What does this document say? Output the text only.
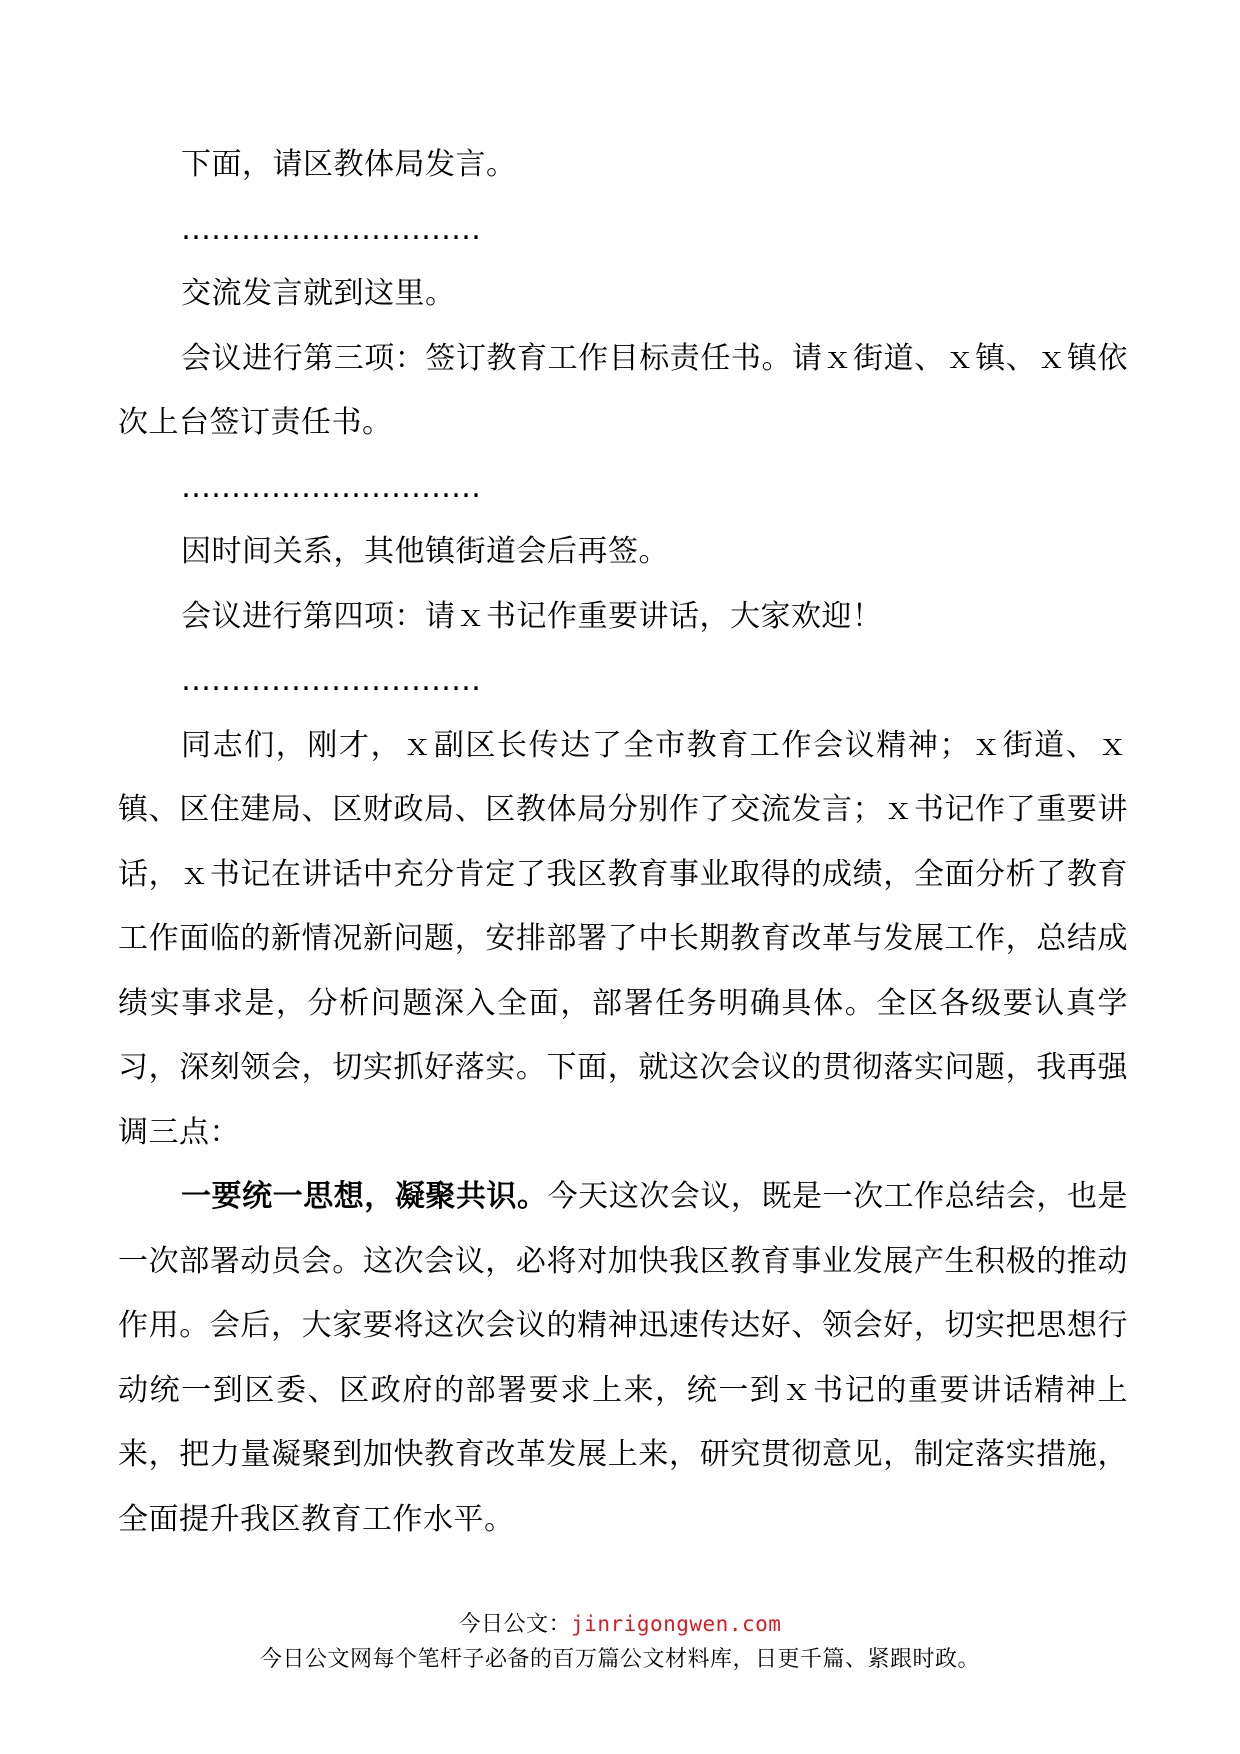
下面，请区教体局发言。

…………………………

交流发言就到这里。

会议进行第三项：签订教育工作目标责任书。请ｘ街道、ｘ镇、ｘ镇依次上台签订责任书。

…………………………

因时间关系，其他镇街道会后再签。

会议进行第四项：请ｘ书记作重要讲话，大家欢迎！

…………………………

同志们，刚才，ｘ副区长传达了全市教育工作会议精神；ｘ街道、ｘ镇、区住建局、区财政局、区教体局分别作了交流发言；ｘ书记作了重要讲话，ｘ书记在讲话中充分肯定了我区教育事业取得的成绩，全面分析了教育工作面临的新情况新问题，安排部署了中长期教育改革与发展工作，总结成绩实事求是，分析问题深入全面，部署任务明确具体。全区各级要认真学习，深刻领会，切实抓好落实。下面，就这次会议的贯彻落实问题，我再强调三点：

一要统一思想，凝聚共识。今天这次会议，既是一次工作总结会，也是一次部署动员会。这次会议，必将对加快我区教育事业发展产生积极的推动作用。会后，大家要将这次会议的精神迅速传达好、领会好，切实把思想行动统一到区委、区政府的部署要求上来，统一到ｘ书记的重要讲话精神上来，把力量凝聚到加快教育改革发展上来，研究贯彻意见，制定落实措施，全面提升我区教育工作水平。

今日公文：jinrigongwen.com
今日公文网每个笔杆子必备的百万篇公文材料库，日更千篇、紧跟时政。
